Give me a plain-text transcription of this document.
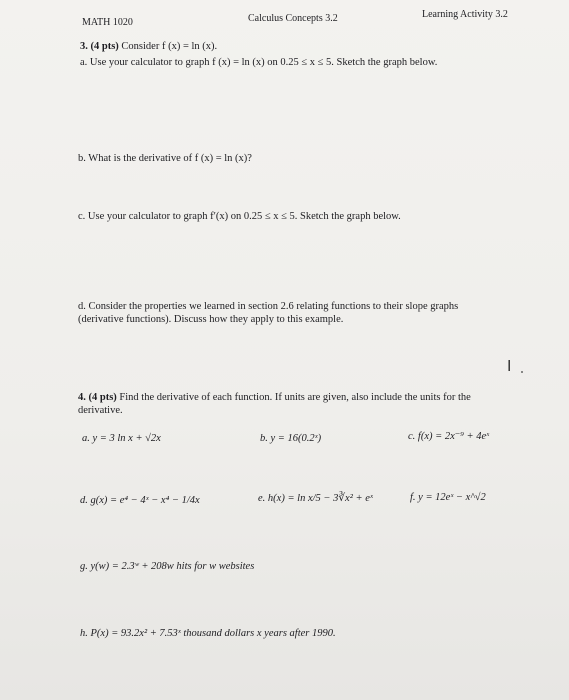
MATH 1020	Calculus Concepts 3.2	Learning Activity 3.2
3. (4 pts) Consider f (x) = ln (x).
a. Use your calculator to graph f (x) = ln (x) on 0.25 ≤ x ≤ 5. Sketch the graph below.
b. What is the derivative of f (x) = ln (x)?
c. Use your calculator to graph f′(x) on 0.25 ≤ x ≤ 5. Sketch the graph below.
d. Consider the properties we learned in section 2.6 relating functions to their slope graphs
(derivative functions). Discuss how they apply to this example.
I
4. (4 pts) Find the derivative of each function. If units are given, also include the units for the
derivative.
a. y = 3 ln x + √2x	b. y = 16(0.2ˣ)	c. f(x) = 2x⁻⁹ + 4eˣ
d. g(x) = e⁴ − 4ˣ − x⁴ − 1/4x	e. h(x) = ln x/5 − 3∛x² + eˣ	f. y = 12eˣ − x^√2
g. y(w) = 2.3ʷ + 208w hits for w websites
h. P(x) = 93.2x² + 7.53ˣ thousand dollars x years after 1990.
